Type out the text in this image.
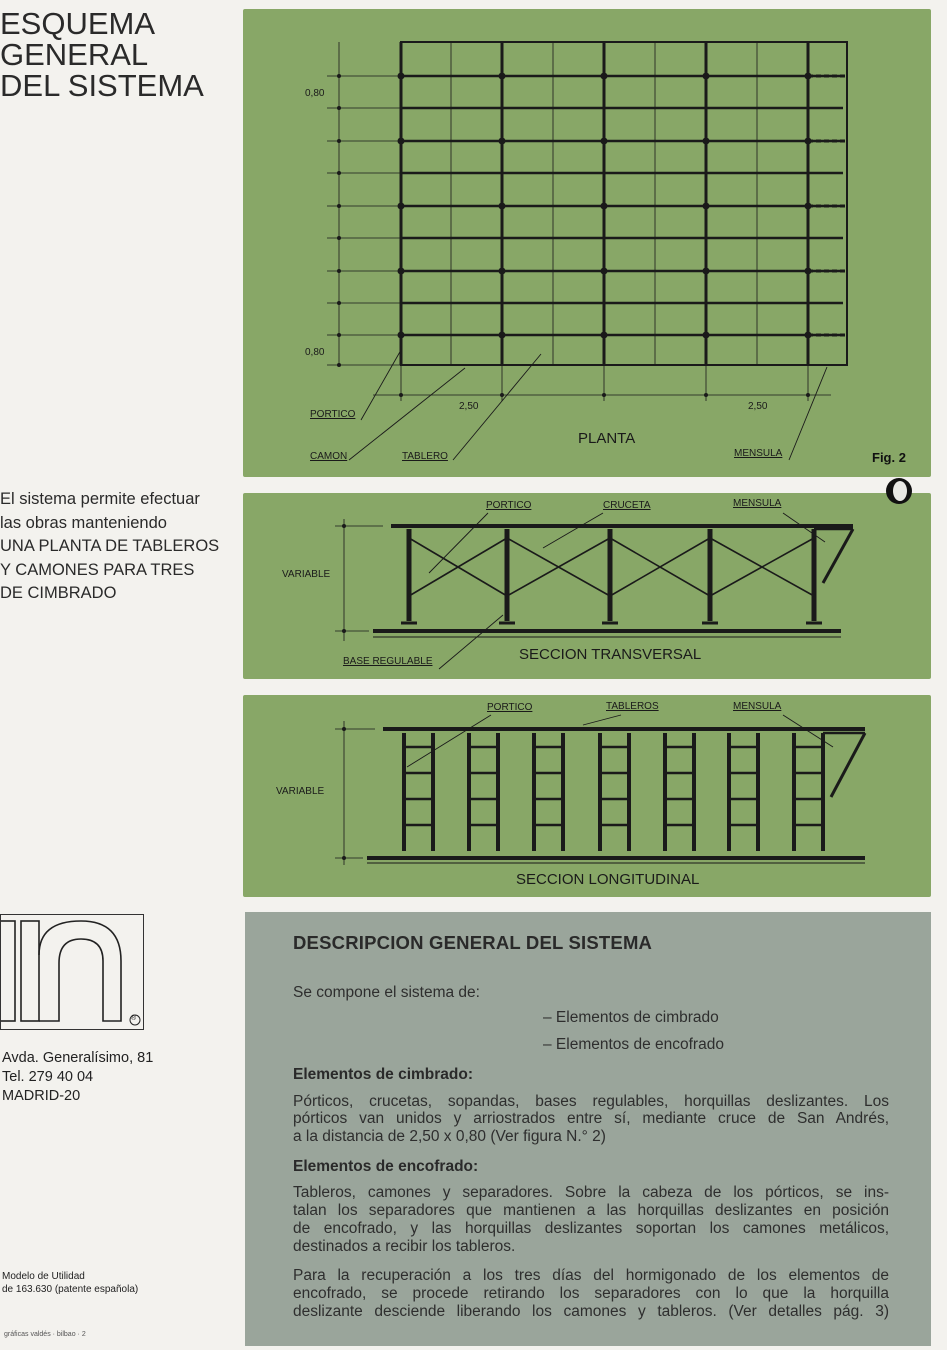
ESQUEMA
GENERAL
DEL SISTEMA
El sistema permite efectuar
las obras manteniendo
UNA PLANTA DE TABLEROS
Y CAMONES PARA TRES
DE CIMBRADO
0,80
0,80
2,50	2,50
PORTICO
CAMON	TABLERO	MENSULA
PLANTA
Fig. 2
PORTICO	CRUCETA	MENSULA
VARIABLE
BASE REGULABLE	SECCION TRANSVERSAL
PORTICO	TABLEROS	MENSULA
VARIABLE
SECCION LONGITUDINAL
DESCRIPCION GENERAL DEL SISTEMA

Se compone el sistema de:

– Elementos de cimbrado

– Elementos de encofrado

Elementos de cimbrado:

Pórticos, crucetas, sopandas, bases regulables, horquillas deslizantes. Los
pórticos van unidos y arriostrados entre sí, mediante cruce de San Andrés,
a la distancia de 2,50 x 0,80 (Ver figura N.° 2)

Elementos de encofrado:

Tableros, camones y separadores. Sobre la cabeza de los pórticos, se ins-
talan los separadores que mantienen a las horquillas deslizantes en posición
de encofrado, y las horquillas deslizantes soportan los camones metálicos,
destinados a recibir los tableros.
Para la recuperación a los tres días del hormigonado de los elementos de
encofrado, se procede retirando los separadores con lo que la horquilla
deslizante desciende liberando los camones y tableros. (Ver detalles pág. 3)
®
Avda. Generalísimo, 81
Tel. 279 40 04
MADRID-20
Modelo de Utilidad
de 163.630 (patente española)
gráficas valdés · bilbao · 2
